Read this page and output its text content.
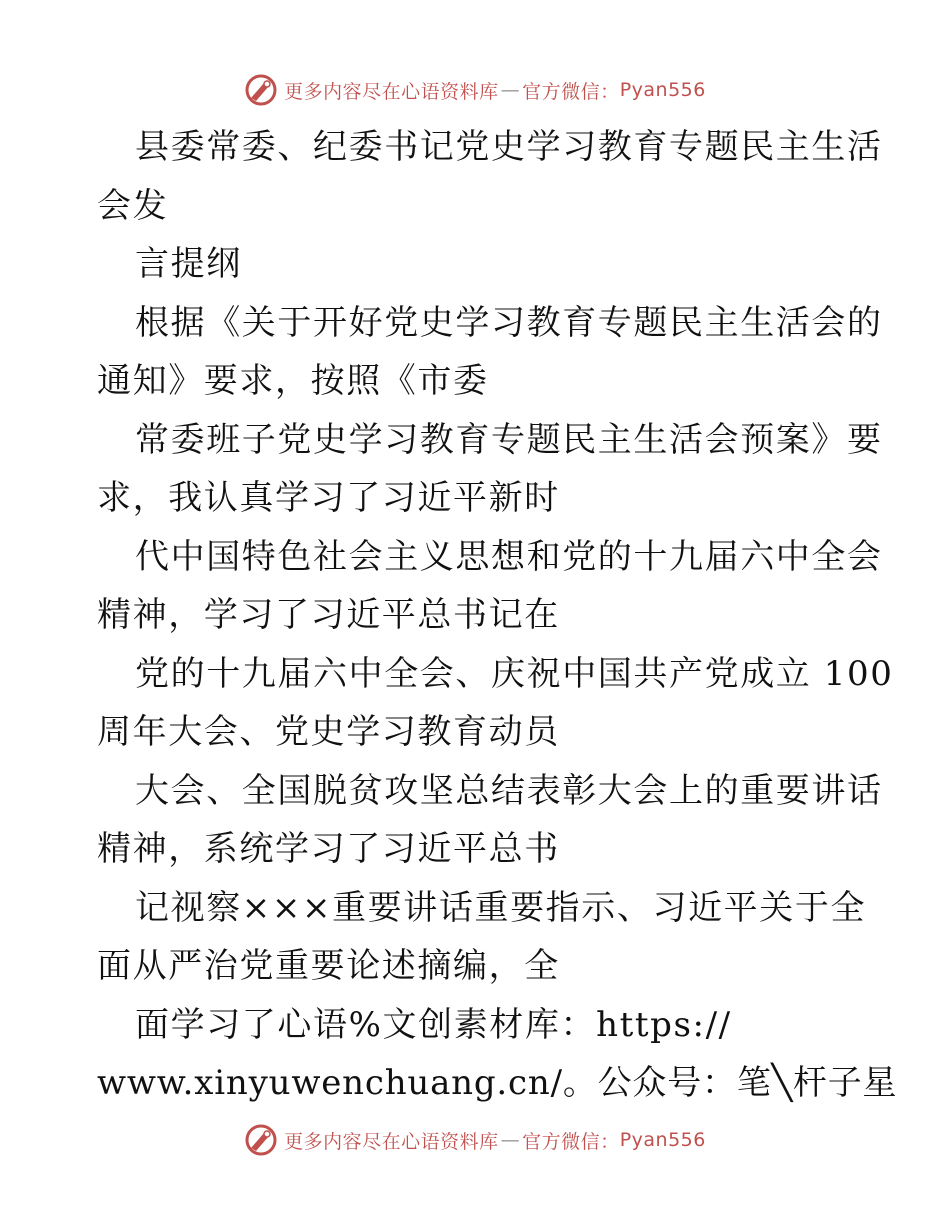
更多内容尽在心语资料库 — 官方微信： Pyan556
县委常委、纪委书记党史学习教育专题民主生活
会发
言提纲
根据《关于开好党史学习教育专题民主生活会的
通知》要求，按照《市委
常委班子党史学习教育专题民主生活会预案》要
求，我认真学习了习近平新时
代中国特色社会主义思想和党的十九届六中全会
精神，学习了习近平总书记在
党的十九届六中全会、庆祝中国共产党成立 100
周年大会、党史学习教育动员
大会、全国脱贫攻坚总结表彰大会上的重要讲话
精神，系统学习了习近平总书
记视察×××重要讲话重要指示、习近平关于全
面从严治党重要论述摘编，全
面学习了心语%文创素材库：https://
www.xinyuwenchuang.cn/。公众号：笔╲杆子星
更多内容尽在心语资料库 — 官方微信： Pyan556
